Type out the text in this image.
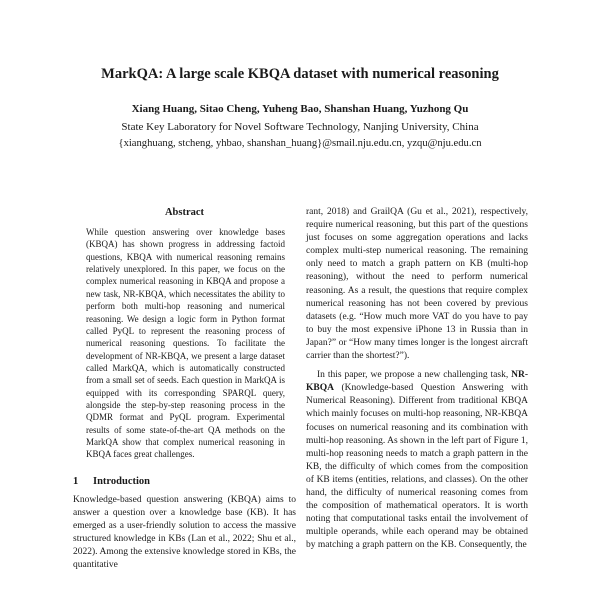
MarkQA: A large scale KBQA dataset with numerical reasoning
Xiang Huang, Sitao Cheng, Yuheng Bao, Shanshan Huang, Yuzhong Qu
State Key Laboratory for Novel Software Technology, Nanjing University, China
{xianghuang, stcheng, yhbao, shanshan_huang}@smail.nju.edu.cn, yzqu@nju.edu.cn
Abstract

While question answering over knowledge bases (KBQA) has shown progress in addressing factoid questions, KBQA with numerical reasoning remains relatively unexplored. In this paper, we focus on the complex numerical reasoning in KBQA and propose a new task, NR-KBQA, which necessitates the ability to perform both multi-hop reasoning and numerical reasoning. We design a logic form in Python format called PyQL to represent the reasoning process of numerical reasoning questions. To facilitate the development of NR-KBQA, we present a large dataset called MarkQA, which is automatically constructed from a small set of seeds. Each question in MarkQA is equipped with its corresponding SPARQL query, alongside the step-by-step reasoning process in the QDMR format and PyQL program. Experimental results of some state-of-the-art QA methods on the MarkQA show that complex numerical reasoning in KBQA faces great challenges.

1 Introduction

Knowledge-based question answering (KBQA) aims to answer a question over a knowledge base (KB). It has emerged as a user-friendly solution to access the massive structured knowledge in KBs (Lan et al., 2022; Shu et al., 2022). Among the extensive knowledge stored in KBs, the quantitative

rant, 2018) and GrailQA (Gu et al., 2021), respectively, require numerical reasoning, but this part of the questions just focuses on some aggregation operations and lacks complex multi-step numerical reasoning. The remaining only need to match a graph pattern on KB (multi-hop reasoning), without the need to perform numerical reasoning. As a result, the questions that require complex numerical reasoning has not been covered by previous datasets (e.g. “How much more VAT do you have to pay to buy the most expensive iPhone 13 in Russia than in Japan?” or “How many times longer is the longest aircraft carrier than the shortest?”).

In this paper, we propose a new challenging task, NR-KBQA (Knowledge-based Question Answering with Numerical Reasoning). Different from traditional KBQA which mainly focuses on multi-hop reasoning, NR-KBQA focuses on numerical reasoning and its combination with multi-hop reasoning. As shown in the left part of Figure 1, multi-hop reasoning needs to match a graph pattern in the KB, the difficulty of which comes from the composition of KB items (entities, relations, and classes). On the other hand, the difficulty of numerical reasoning comes from the composition of mathematical operators. It is worth noting that computational tasks entail the involvement of multiple operands, while each operand may be obtained by matching a graph pattern on the KB. Consequently, the
